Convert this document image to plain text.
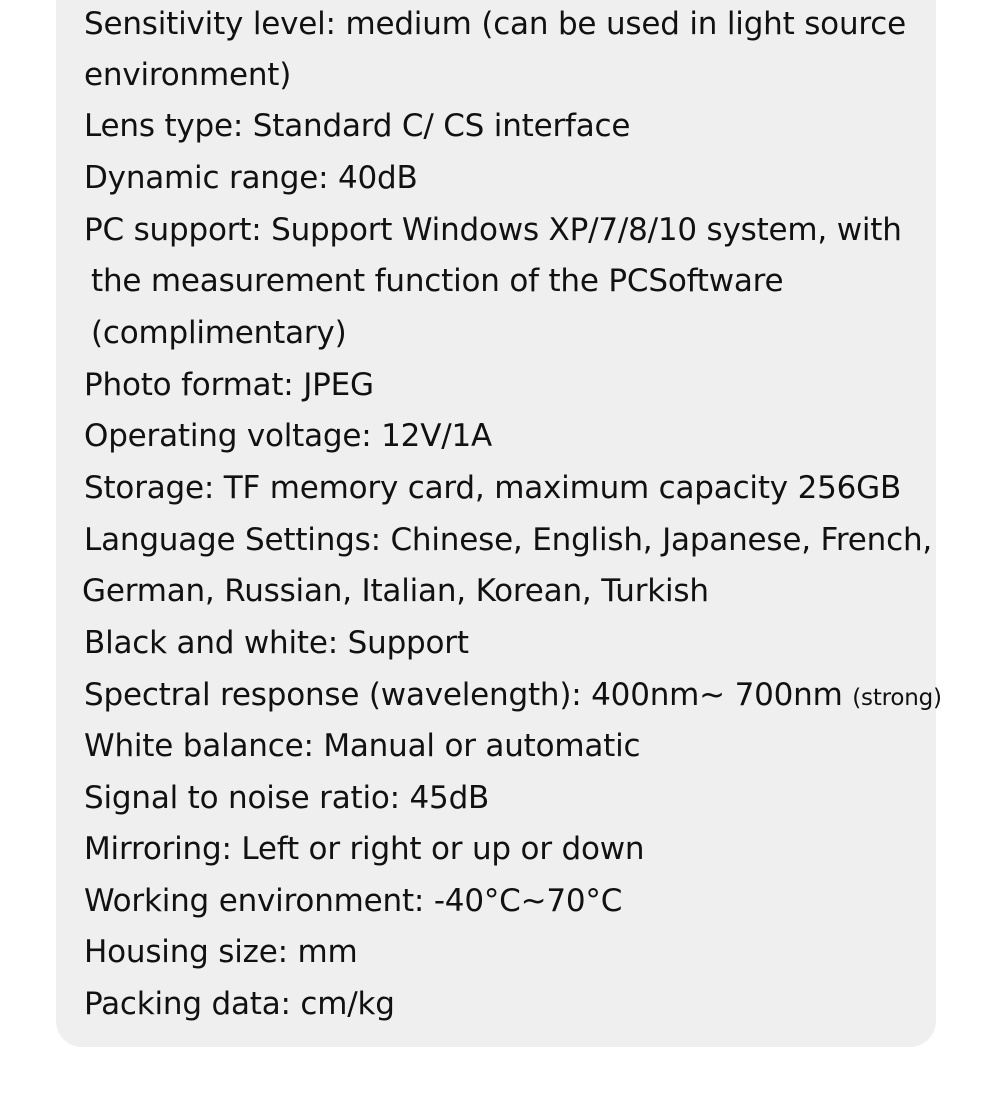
Sensitivity level: medium (can be used in light source
environment)
Lens type: Standard C/ CS interface
Dynamic range: 40dB
PC support: Support Windows XP/7/8/10 system, with
the measurement function of the PCSoftware
(complimentary)
Photo format: JPEG
Operating voltage: 12V/1A
Storage: TF memory card, maximum capacity 256GB
Language Settings: Chinese, English, Japanese, French,
German, Russian, Italian, Korean, Turkish
Black and white: Support
Spectral response (wavelength): 400nm~ 700nm (strong)
White balance: Manual or automatic
Signal to noise ratio: 45dB
Mirroring: Left or right or up or down
Working environment: -40°C~70°C
Housing size: mm
Packing data: cm/kg
